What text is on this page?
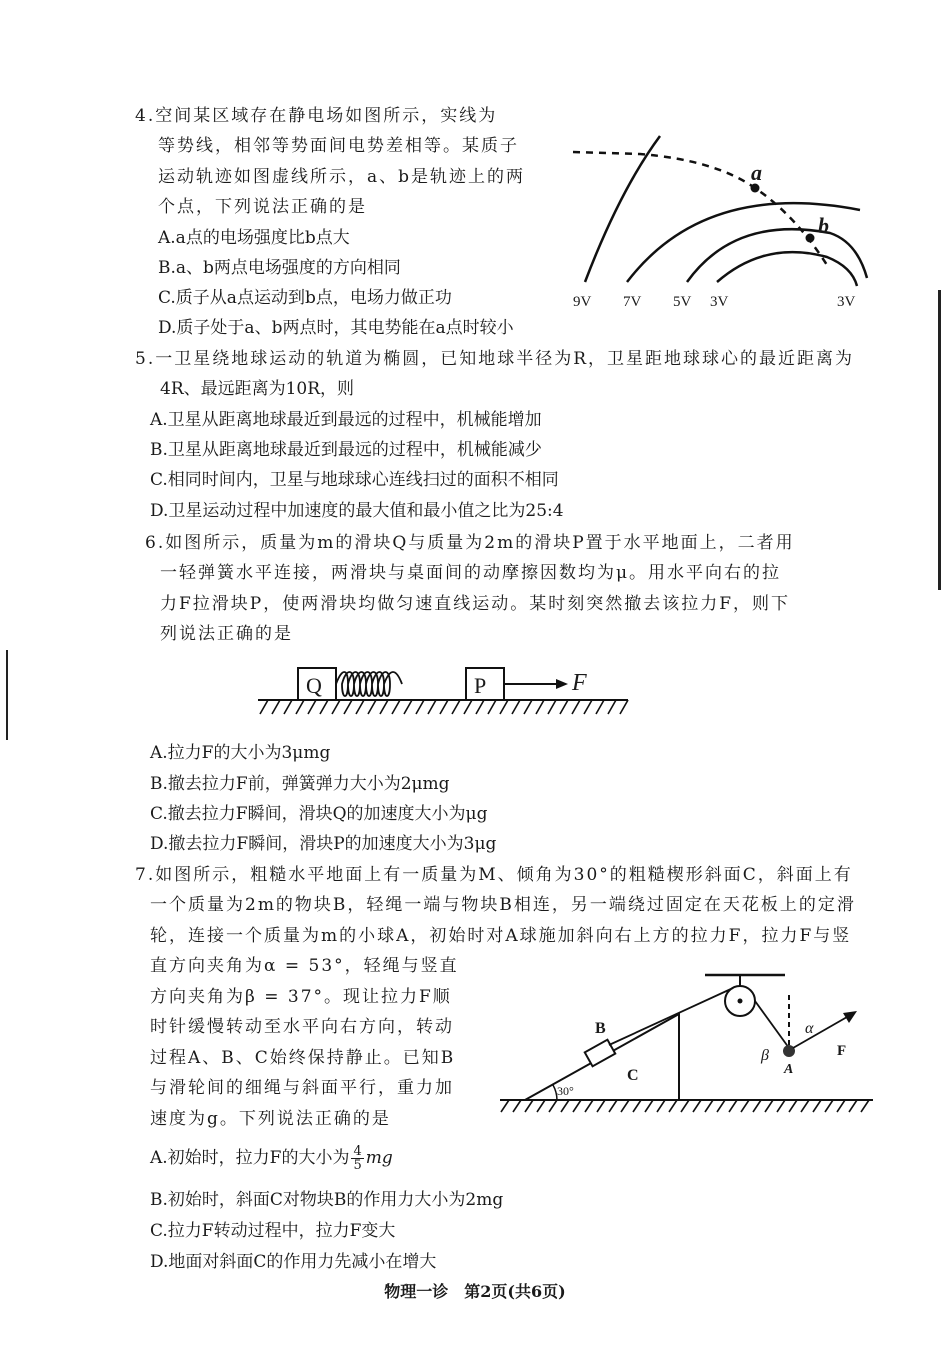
4.空间某区域存在静电场如图所示，实线为
等势线，相邻等势面间电势差相等。某质子
运动轨迹如图虚线所示，a、b是轨迹上的两
个点，下列说法正确的是
A.a点的电场强度比b点大
B.a、b两点电场强度的方向相同
C.质子从a点运动到b点，电场力做正功
D.质子处于a、b两点时，其电势能在a点时较小
a
b
9V 7V 5V 3V	3V
5.一卫星绕地球运动的轨道为椭圆，已知地球半径为R，卫星距地球球心的最近距离为
4R、最远距离为10R，则
A.卫星从距离地球最近到最远的过程中，机械能增加
B.卫星从距离地球最近到最远的过程中，机械能减少
C.相同时间内，卫星与地球球心连线扫过的面积不相同
D.卫星运动过程中加速度的最大值和最小值之比为25:4
6.如图所示，质量为m的滑块Q与质量为2m的滑块P置于水平地面上，二者用
一轻弹簧水平连接，两滑块与桌面间的动摩擦因数均为μ。用水平向右的拉
力F拉滑块P，使两滑块均做匀速直线运动。某时刻突然撤去该拉力F，则下
列说法正确的是
Q	P	F
A.拉力F的大小为3μmg
B.撤去拉力F前，弹簧弹力大小为2μmg
C.撤去拉力F瞬间，滑块Q的加速度大小为μg
D.撤去拉力F瞬间，滑块P的加速度大小为3μg
7.如图所示，粗糙水平地面上有一质量为M、倾角为30°的粗糙楔形斜面C，斜面上有
一个质量为2m的物块B，轻绳一端与物块B相连，另一端绕过固定在天花板上的定滑
轮，连接一个质量为m的小球A，初始时对A球施加斜向右上方的拉力F，拉力F与竖
直方向夹角为α = 53°，轻绳与竖直
方向夹角为β = 37°。现让拉力F顺
时针缓慢转动至水平向右方向，转动
过程A、B、C始终保持静止。已知B
与滑轮间的细绳与斜面平行，重力加
速度为g。下列说法正确的是
A.初始时，拉力F的大小为 $\frac{4}{5}$ mg
B.初始时，斜面C对物块B的作用力大小为2mg
C.拉力F转动过程中，拉力F变大
D.地面对斜面C的作用力先减小在增大
30°
C
B	α
β
A
F
物理一诊　第2页(共6页)
